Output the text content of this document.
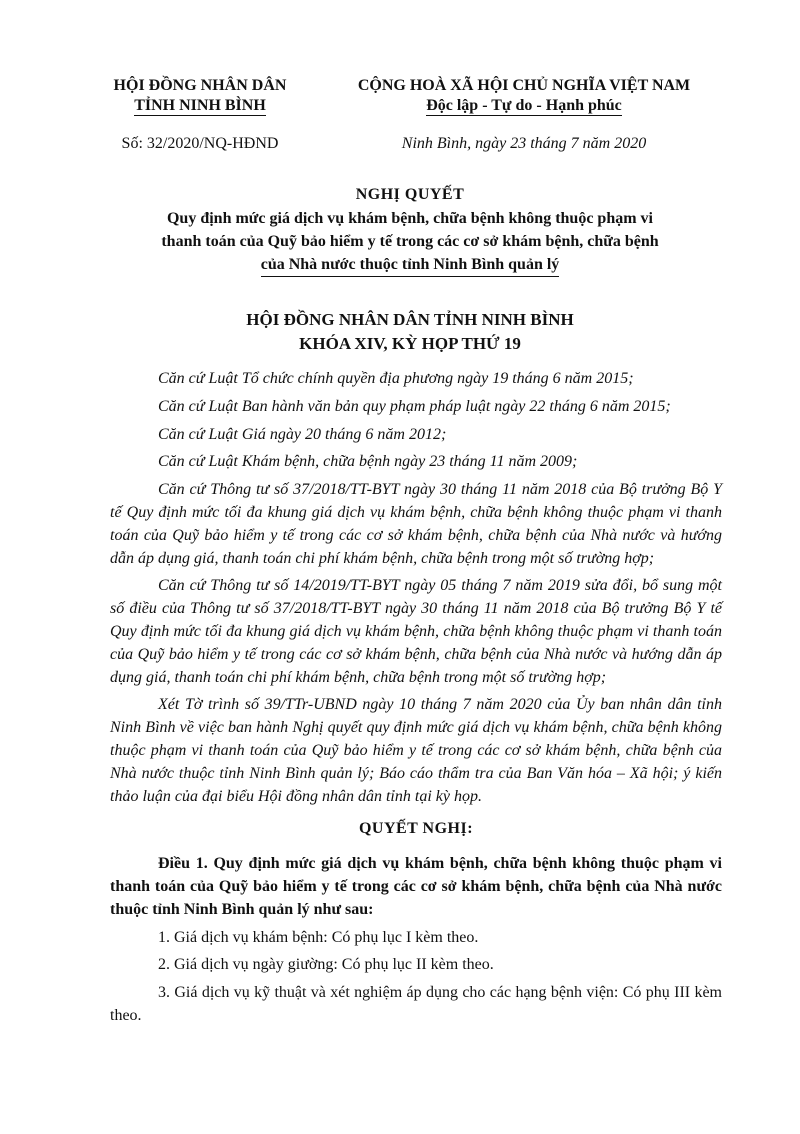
HỘI ĐỒNG NHÂN DÂN
TỈNH NINH BÌNH
CỘNG HOÀ XÃ HỘI CHỦ NGHĨA VIỆT NAM
Độc lập - Tự do - Hạnh phúc
Số: 32/2020/NQ-HĐND	Ninh Bình, ngày 23 tháng 7 năm 2020
NGHỊ QUYẾT
Quy định mức giá dịch vụ khám bệnh, chữa bệnh không thuộc phạm vi
thanh toán của Quỹ bảo hiểm y tế trong các cơ sở khám bệnh, chữa bệnh
của Nhà nước thuộc tỉnh Ninh Bình quản lý
HỘI ĐỒNG NHÂN DÂN TỈNH NINH BÌNH
KHÓA XIV, KỲ HỌP THỨ 19

Căn cứ Luật Tổ chức chính quyền địa phương ngày 19 tháng 6 năm 2015;

Căn cứ Luật Ban hành văn bản quy phạm pháp luật ngày 22 tháng 6 năm 2015;

Căn cứ Luật Giá ngày 20 tháng 6 năm 2012;

Căn cứ Luật Khám bệnh, chữa bệnh ngày 23 tháng 11 năm 2009;

Căn cứ Thông tư số 37/2018/TT-BYT ngày 30 tháng 11 năm 2018 của Bộ trưởng Bộ Y tế Quy định mức tối đa khung giá dịch vụ khám bệnh, chữa bệnh không thuộc phạm vi thanh toán của Quỹ bảo hiểm y tế trong các cơ sở khám bệnh, chữa bệnh của Nhà nước và hướng dẫn áp dụng giá, thanh toán chi phí khám bệnh, chữa bệnh trong một số trường hợp;

Căn cứ Thông tư số 14/2019/TT-BYT ngày 05 tháng 7 năm 2019 sửa đổi, bổ sung một số điều của Thông tư số 37/2018/TT-BYT ngày 30 tháng 11 năm 2018 của Bộ trưởng Bộ Y tế Quy định mức tối đa khung giá dịch vụ khám bệnh, chữa bệnh không thuộc phạm vi thanh toán của Quỹ bảo hiểm y tế trong các cơ sở khám bệnh, chữa bệnh của Nhà nước và hướng dẫn áp dụng giá, thanh toán chi phí khám bệnh, chữa bệnh trong một số trường hợp;

Xét Tờ trình số 39/TTr-UBND ngày 10 tháng 7 năm 2020 của Ủy ban nhân dân tỉnh Ninh Bình về việc ban hành Nghị quyết quy định mức giá dịch vụ khám bệnh, chữa bệnh không thuộc phạm vi thanh toán của Quỹ bảo hiểm y tế trong các cơ sở khám bệnh, chữa bệnh của Nhà nước thuộc tỉnh Ninh Bình quản lý; Báo cáo thẩm tra của Ban Văn hóa – Xã hội; ý kiến thảo luận của đại biểu Hội đồng nhân dân tỉnh tại kỳ họp.

QUYẾT NGHỊ:

Điều 1. Quy định mức giá dịch vụ khám bệnh, chữa bệnh không thuộc phạm vi thanh toán của Quỹ bảo hiểm y tế trong các cơ sở khám bệnh, chữa bệnh của Nhà nước thuộc tỉnh Ninh Bình quản lý như sau:

1. Giá dịch vụ khám bệnh: Có phụ lục I kèm theo.

2. Giá dịch vụ ngày giường: Có phụ lục II kèm theo.

3. Giá dịch vụ kỹ thuật và xét nghiệm áp dụng cho các hạng bệnh viện: Có phụ III kèm theo.
